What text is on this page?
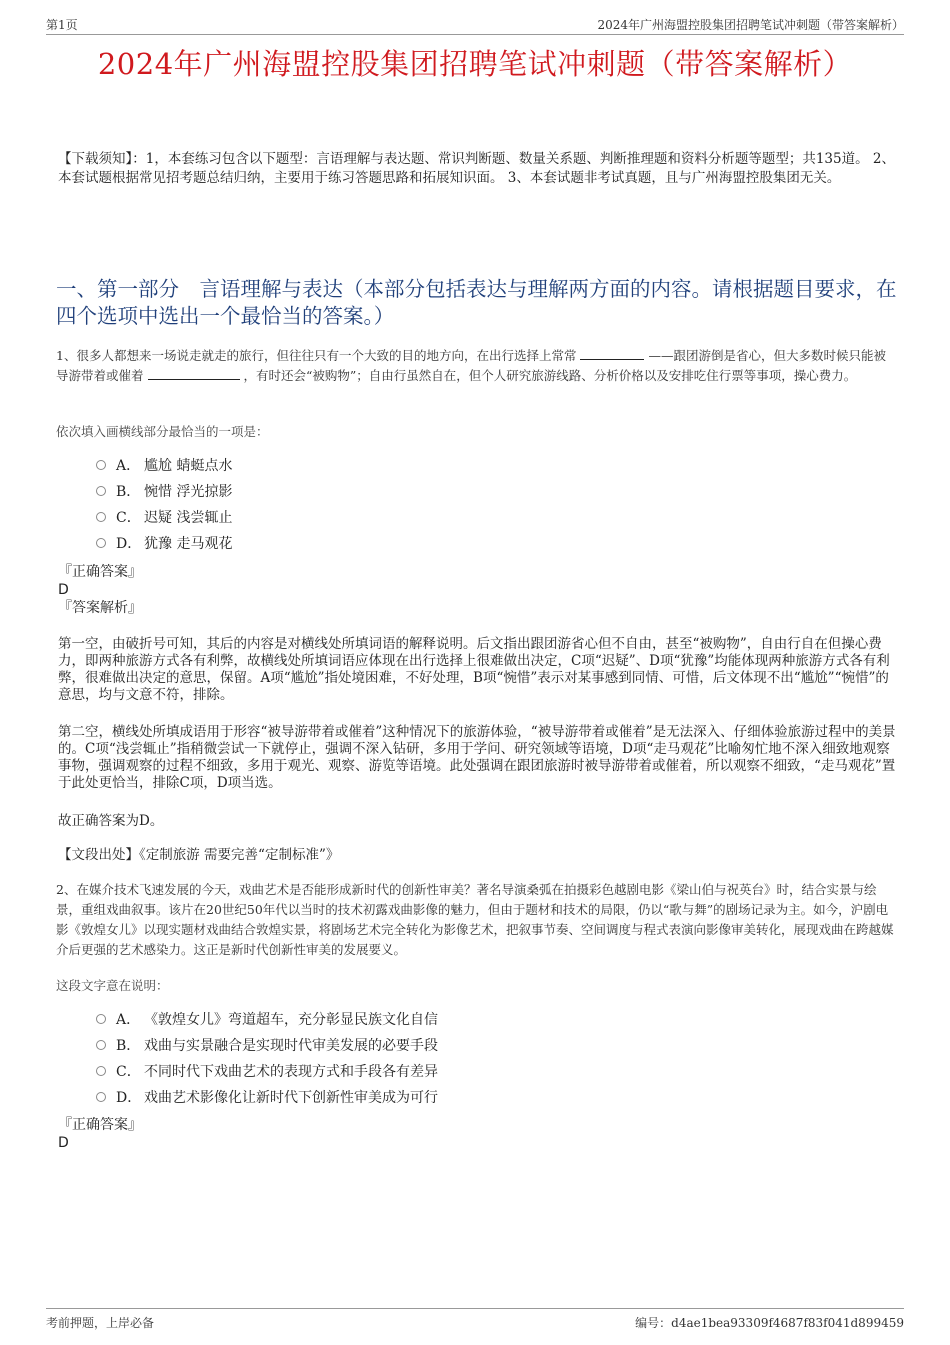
第1页	2024年广州海盟控股集团招聘笔试冲刺题（带答案解析）
2024年广州海盟控股集团招聘笔试冲刺题（带答案解析）
【下载须知】：1，本套练习包含以下题型：言语理解与表达题、常识判断题、数量关系题、判断推理题和资料分析题等题型；共135道。 2、本套试题根据常见招考题总结归纳，主要用于练习答题思路和拓展知识面。 3、本套试题非考试真题，且与广州海盟控股集团无关。
一、第一部分　言语理解与表达（本部分包括表达与理解两方面的内容。请根据题目要求，在四个选项中选出一个最恰当的答案。）
1、很多人都想来一场说走就走的旅行，但往往只有一个大致的目的地方向，在出行选择上常常	——跟团游倒是省心，但大多数时候只能被导游带着或催着	，有时还会“被购物”；自由行虽然自在，但个人研究旅游线路、分析价格以及安排吃住行票等事项，操心费力。
依次填入画横线部分最恰当的一项是：
A． 尴尬 蜻蜓点水
B． 惋惜 浮光掠影
C． 迟疑 浅尝辄止
D． 犹豫 走马观花
『正确答案』
D
『答案解析』
第一空，由破折号可知，其后的内容是对横线处所填词语的解释说明。后文指出跟团游省心但不自由，甚至“被购物”，自由行自在但操心费力，即两种旅游方式各有利弊，故横线处所填词语应体现在出行选择上很难做出决定，C项“迟疑”、D项“犹豫”均能体现两种旅游方式各有利弊，很难做出决定的意思，保留。A项“尴尬”指处境困难，不好处理，B项“惋惜”表示对某事感到同情、可惜，后文体现不出“尴尬”“惋惜”的意思，均与文意不符，排除。
第二空，横线处所填成语用于形容“被导游带着或催着”这种情况下的旅游体验，“被导游带着或催着”是无法深入、仔细体验旅游过程中的美景的。C项“浅尝辄止”指稍微尝试一下就停止，强调不深入钻研，多用于学问、研究领域等语境，D项“走马观花”比喻匆忙地不深入细致地观察事物，强调观察的过程不细致，多用于观光、观察、游览等语境。此处强调在跟团旅游时被导游带着或催着，所以观察不细致，“走马观花”置于此处更恰当，排除C项，D项当选。
故正确答案为D。
【文段出处】《定制旅游 需要完善“定制标准”》
2、在媒介技术飞速发展的今天，戏曲艺术是否能形成新时代的创新性审美？著名导演桑弧在拍摄彩色越剧电影《梁山伯与祝英台》时，结合实景与绘景，重组戏曲叙事。该片在20世纪50年代以当时的技术初露戏曲影像的魅力，但由于题材和技术的局限，仍以“歌与舞”的剧场记录为主。如今，沪剧电影《敦煌女儿》以现实题材戏曲结合敦煌实景，将剧场艺术完全转化为影像艺术，把叙事节奏、空间调度与程式表演向影像审美转化，展现戏曲在跨越媒介后更强的艺术感染力。这正是新时代创新性审美的发展要义。
这段文字意在说明：
A． 《敦煌女儿》弯道超车，充分彰显民族文化自信
B． 戏曲与实景融合是实现时代审美发展的必要手段
C． 不同时代下戏曲艺术的表现方式和手段各有差异
D． 戏曲艺术影像化让新时代下创新性审美成为可行
『正确答案』
D
考前押题，上岸必备	编号：d4ae1bea93309f4687f83f041d899459
